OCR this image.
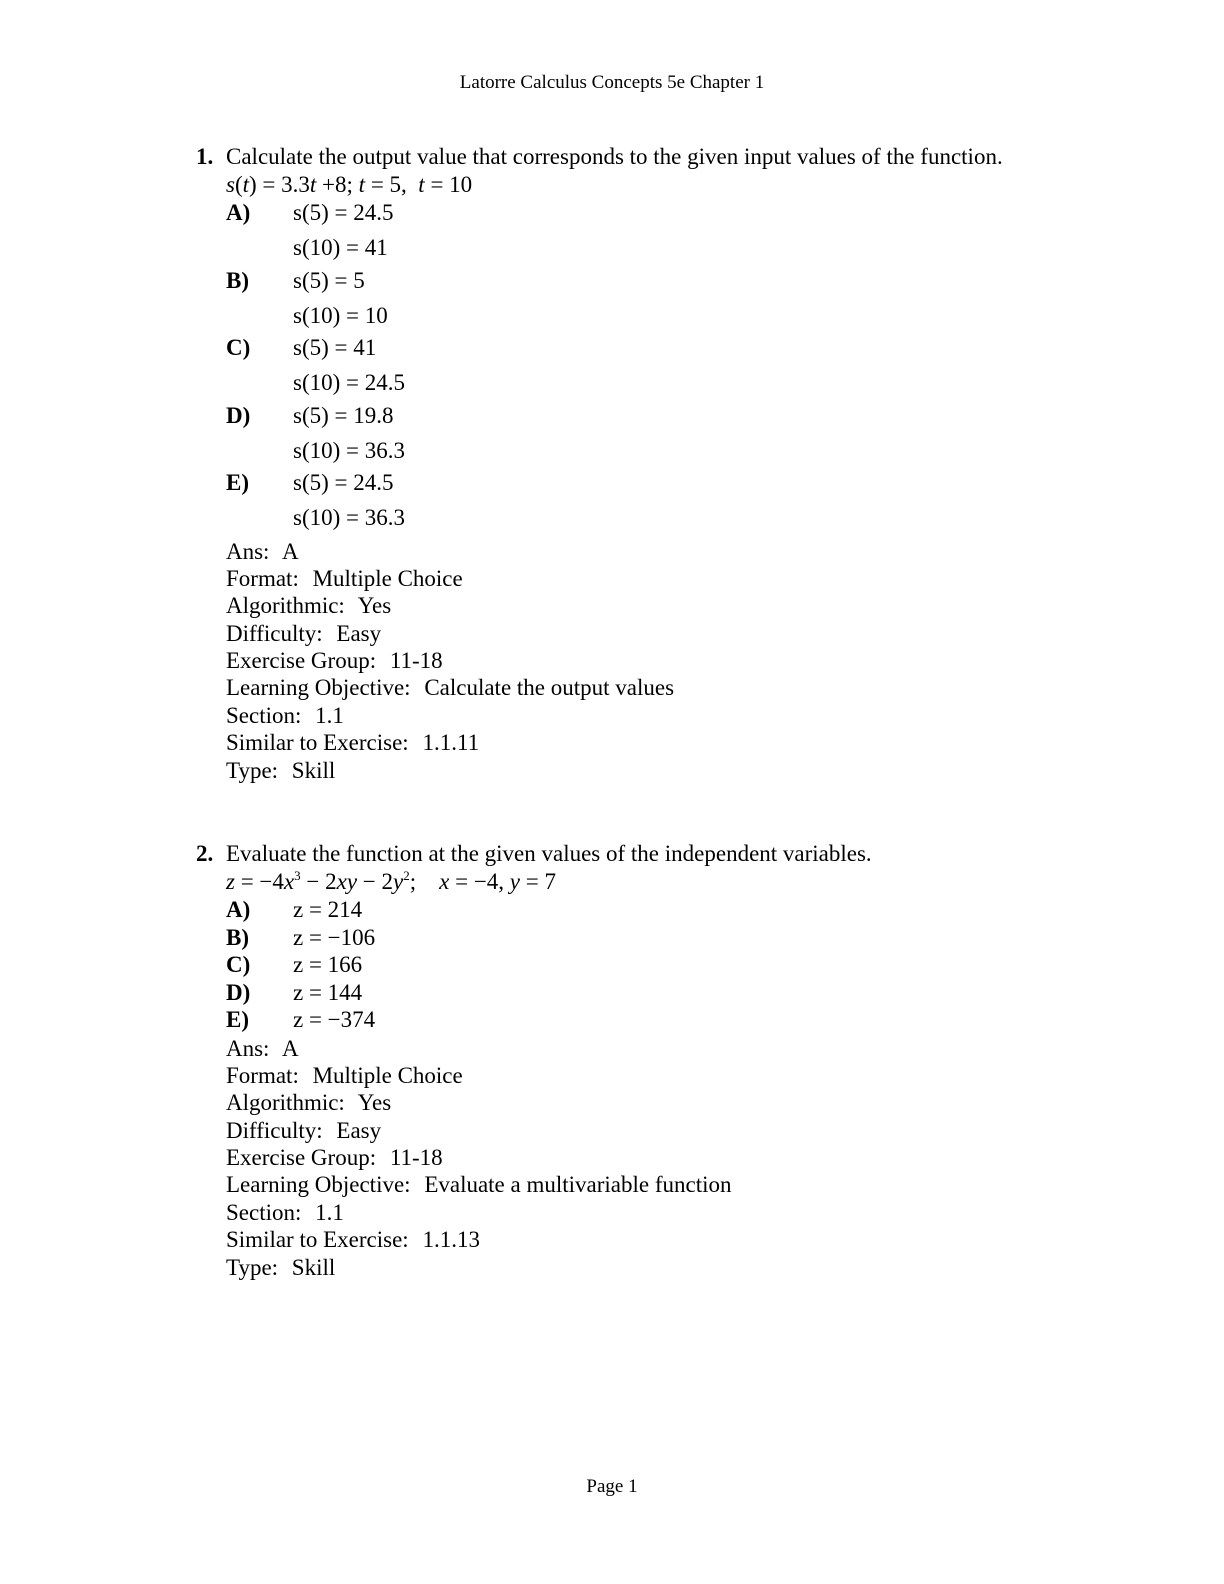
Latorre Calculus Concepts 5e Chapter 1
1. Calculate the output value that corresponds to the given input values of the function.
s(t) = 3.3t +8; t = 5,  t = 10
A) s(5) = 24.5
s(10) = 41
B) s(5) = 5
s(10) = 10
C) s(5) = 41
s(10) = 24.5
D) s(5) = 19.8
s(10) = 36.3
E) s(5) = 24.5
s(10) = 36.3
Ans: A
Format: Multiple Choice
Algorithmic: Yes
Difficulty: Easy
Exercise Group: 11-18
Learning Objective: Calculate the output values
Section: 1.1
Similar to Exercise: 1.1.11
Type: Skill
2. Evaluate the function at the given values of the independent variables.
$z = -4x^3 - 2xy - 2y^2$;    x = −4, y = 7
A) z = 214
B) z = −106
C) z = 166
D) z = 144
E) z = −374
Ans: A
Format: Multiple Choice
Algorithmic: Yes
Difficulty: Easy
Exercise Group: 11-18
Learning Objective: Evaluate a multivariable function
Section: 1.1
Similar to Exercise: 1.1.13
Type: Skill
Page 1
